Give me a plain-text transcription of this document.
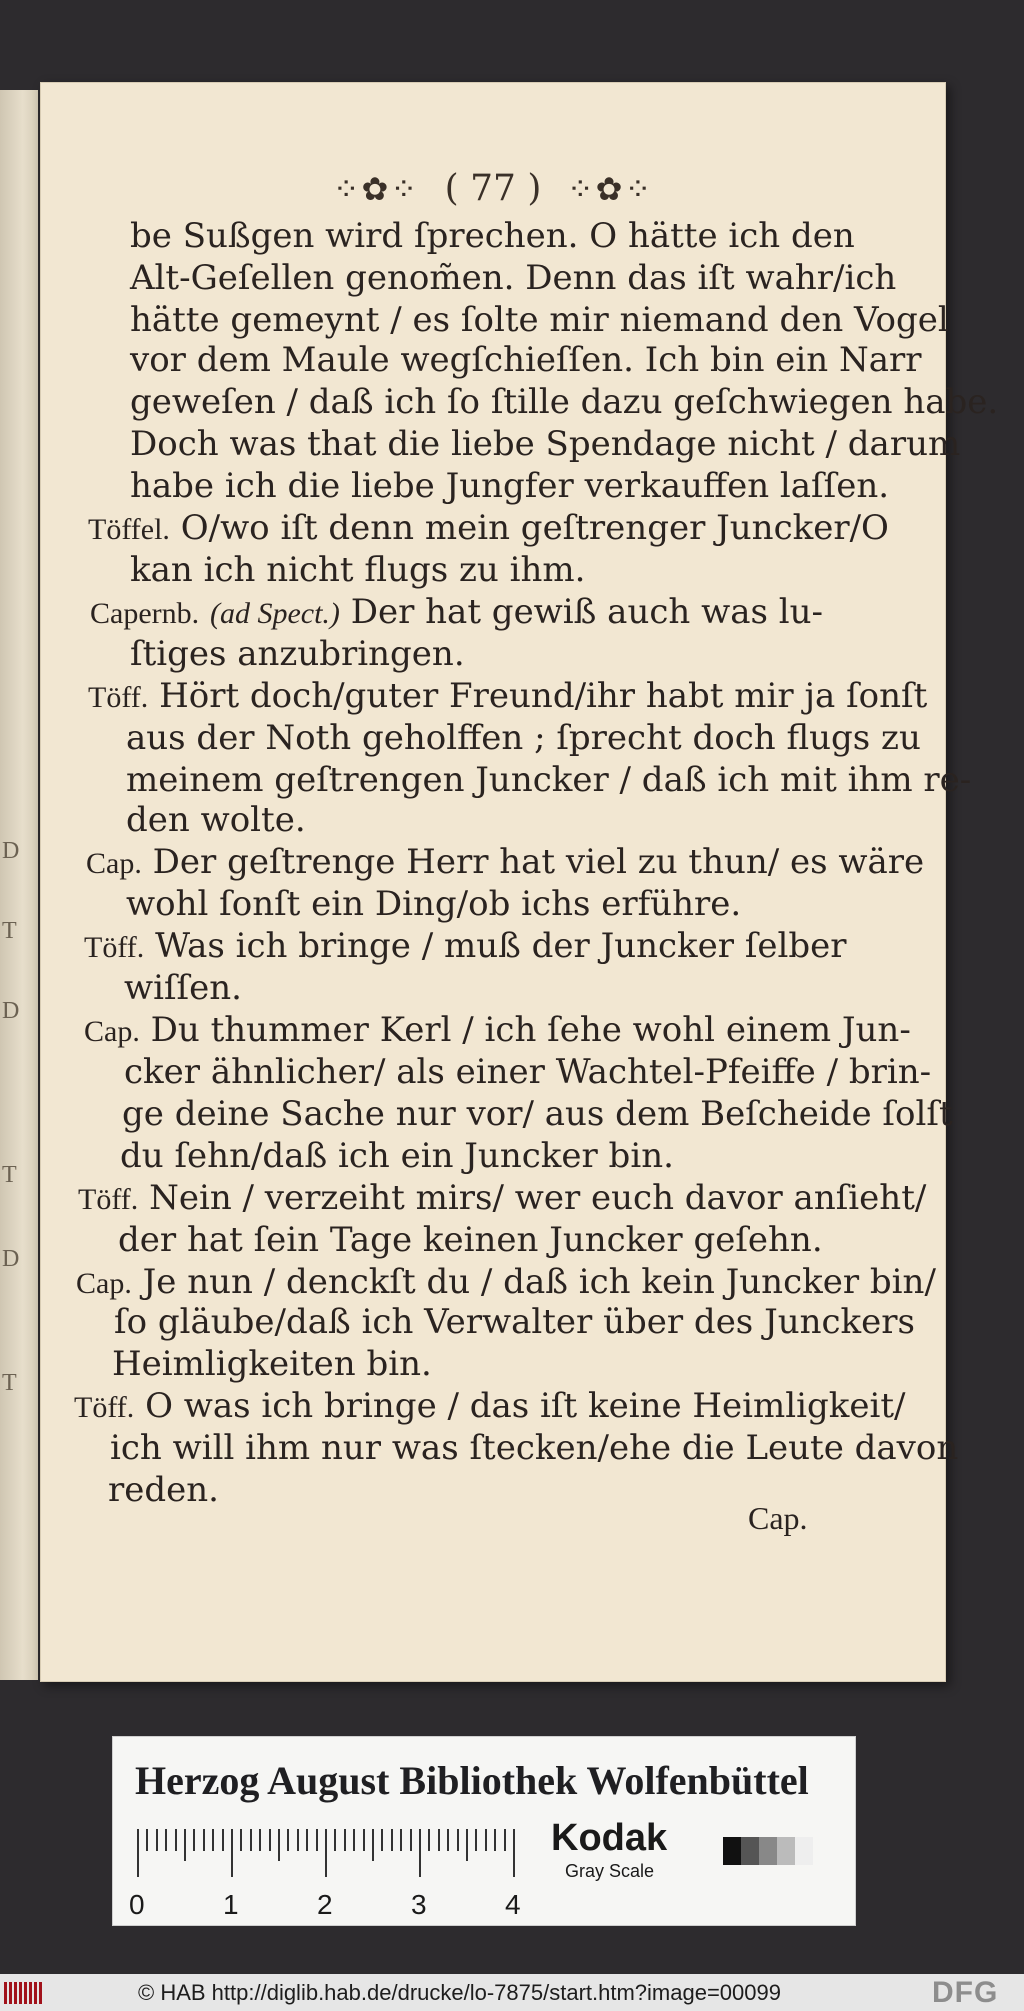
D
T
D
T
D
T
⁘✿⁘ ( 77 ) ⁘✿⁘
be Sußgen wird ſprechen. O hätte ich den
Alt-Geſellen genom̃en. Denn das iſt wahr/ich
hätte gemeynt / es ſolte mir niemand den Vogel
vor dem Maule wegſchieſſen. Ich bin ein Narr
geweſen / daß ich ſo ſtille dazu geſchwiegen habe.
Doch was that die liebe Spendage nicht / darum
habe ich die liebe Jungfer verkauffen laſſen.
Töffel. O/wo iſt denn mein geſtrenger Juncker/O
kan ich nicht flugs zu ihm.
Capernb. (ad Spect.) Der hat gewiß auch was lu-
ſtiges anzubringen.
Töff. Hört doch/guter Freund/ihr habt mir ja ſonſt
aus der Noth geholffen ; ſprecht doch flugs zu
meinem geſtrengen Juncker / daß ich mit ihm re-
den wolte.
Cap. Der geſtrenge Herr hat viel zu thun/ es wäre
wohl ſonſt ein Ding/ob ichs erführe.
Töff. Was ich bringe / muß der Juncker ſelber
wiſſen.
Cap. Du thummer Kerl / ich ſehe wohl einem Jun-
cker ähnlicher/ als einer Wachtel-Pfeiffe / brin-
ge deine Sache nur vor/ aus dem Beſcheide ſolſt
du ſehn/daß ich ein Juncker bin.
Töff. Nein / verzeiht mirs/ wer euch davor anſieht/
der hat ſein Tage keinen Juncker geſehn.
Cap. Je nun / denckſt du / daß ich kein Juncker bin/
ſo gläube/daß ich Verwalter über des Junckers
Heimligkeiten bin.
Töff. O was ich bringe / das iſt keine Heimligkeit/
ich will ihm nur was ſtecken/ehe die Leute davon
reden.
Cap.
Herzog August Bibliothek Wolfenbüttel
0	1	2	3	4
Kodak
Gray Scale
© HAB http://diglib.hab.de/drucke/lo-7875/start.htm?image=00099	DFG
